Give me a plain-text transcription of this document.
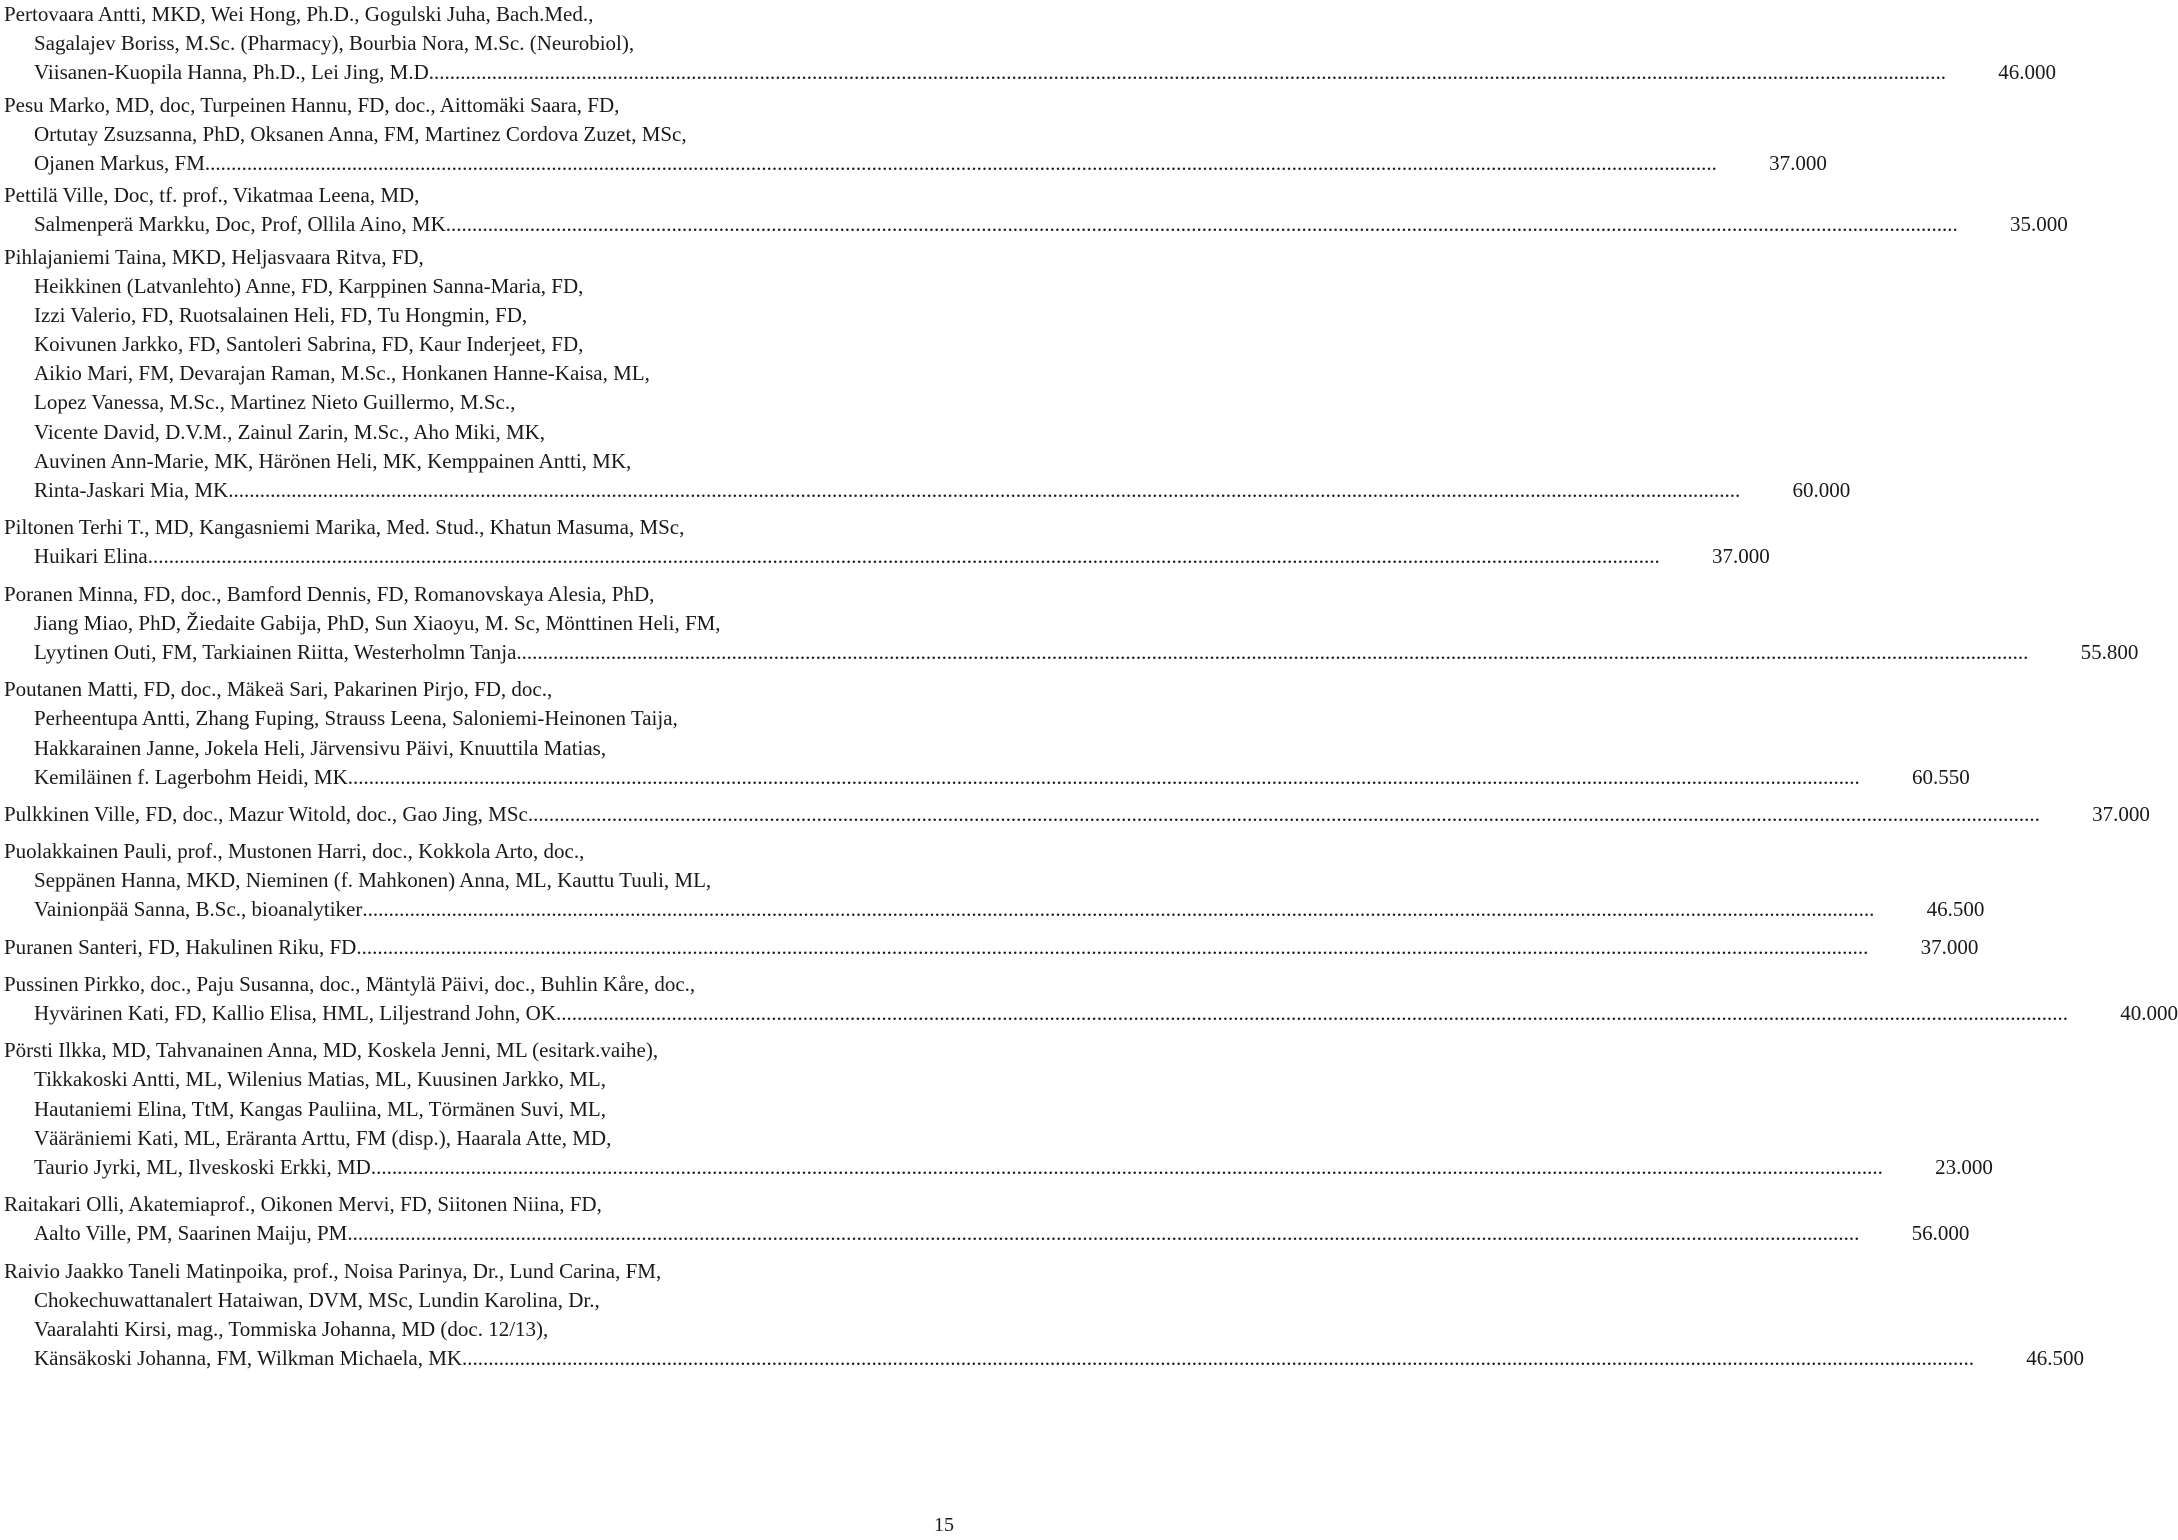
Pertovaara Antti, MKD, Wei Hong, Ph.D., Gogulski Juha, Bach.Med.,
Sagalajev Boriss, M.Sc. (Pharmacy), Bourbia Nora, M.Sc. (Neurobiol),
Viisanen-Kuopila Hanna, Ph.D., Lei Jing, M.D. ................................................................................................................................................................................................................................................................................................	46.000
Pesu Marko, MD, doc, Turpeinen Hannu, FD, doc., Aittomäki Saara, FD,
Ortutay Zsuzsanna, PhD, Oksanen Anna, FM, Martinez Cordova Zuzet, MSc,
Ojanen Markus, FM ................................................................................................................................................................................................................................................................................................	37.000
Pettilä Ville, Doc, tf. prof., Vikatmaa Leena, MD,
Salmenperä Markku, Doc, Prof, Ollila Aino, MK ................................................................................................................................................................................................................................................................................................	35.000
Pihlajaniemi Taina, MKD, Heljasvaara Ritva, FD,
Heikkinen (Latvanlehto) Anne, FD, Karppinen Sanna-Maria, FD,
Izzi Valerio, FD, Ruotsalainen Heli, FD, Tu Hongmin, FD,
Koivunen Jarkko, FD, Santoleri Sabrina, FD, Kaur Inderjeet, FD,
Aikio Mari, FM, Devarajan Raman, M.Sc., Honkanen Hanne-Kaisa, ML,
Lopez Vanessa, M.Sc., Martinez Nieto Guillermo, M.Sc.,
Vicente David, D.V.M., Zainul Zarin, M.Sc., Aho Miki, MK,
Auvinen Ann-Marie, MK, Härönen Heli, MK, Kemppainen Antti, MK,
Rinta-Jaskari Mia, MK ................................................................................................................................................................................................................................................................................................	60.000
Piltonen Terhi T., MD, Kangasniemi Marika, Med. Stud., Khatun Masuma, MSc,
Huikari Elina ................................................................................................................................................................................................................................................................................................	37.000
Poranen Minna, FD, doc., Bamford Dennis, FD, Romanovskaya Alesia, PhD,
Jiang Miao, PhD, Žiedaite Gabija, PhD, Sun Xiaoyu, M. Sc, Mönttinen Heli, FM,
Lyytinen Outi, FM, Tarkiainen Riitta, Westerholmn Tanja ................................................................................................................................................................................................................................................................................................	55.800
Poutanen Matti, FD, doc., Mäkeä Sari, Pakarinen Pirjo, FD, doc.,
Perheentupa Antti, Zhang Fuping, Strauss Leena, Saloniemi-Heinonen Taija,
Hakkarainen Janne, Jokela Heli, Järvensivu Päivi, Knuuttila Matias,
Kemiläinen f. Lagerbohm Heidi, MK ................................................................................................................................................................................................................................................................................................	60.550
Pulkkinen Ville, FD, doc., Mazur Witold, doc., Gao Jing, MSc ................................................................................................................................................................................................................................................................................................	37.000
Puolakkainen Pauli, prof., Mustonen Harri, doc., Kokkola Arto, doc.,
Seppänen Hanna, MKD, Nieminen (f. Mahkonen) Anna, ML, Kauttu Tuuli, ML,
Vainionpää Sanna, B.Sc., bioanalytiker ................................................................................................................................................................................................................................................................................................	46.500
Puranen Santeri, FD, Hakulinen Riku, FD ................................................................................................................................................................................................................................................................................................	37.000
Pussinen Pirkko, doc., Paju Susanna, doc., Mäntylä Päivi, doc., Buhlin Kåre, doc.,
Hyvärinen Kati, FD, Kallio Elisa, HML, Liljestrand John, OK ................................................................................................................................................................................................................................................................................................	40.000
Pörsti Ilkka, MD, Tahvanainen Anna, MD, Koskela Jenni, ML (esitark.vaihe),
Tikkakoski Antti, ML, Wilenius Matias, ML, Kuusinen Jarkko, ML,
Hautaniemi Elina, TtM, Kangas Pauliina, ML, Törmänen Suvi, ML,
Vääräniemi Kati, ML, Eräranta Arttu, FM (disp.), Haarala Atte, MD,
Taurio Jyrki, ML, Ilveskoski Erkki, MD ................................................................................................................................................................................................................................................................................................	23.000
Raitakari Olli, Akatemiaprof., Oikonen Mervi, FD, Siitonen Niina, FD,
Aalto Ville, PM, Saarinen Maiju, PM ................................................................................................................................................................................................................................................................................................	56.000
Raivio Jaakko Taneli Matinpoika, prof., Noisa Parinya, Dr., Lund Carina, FM,
Chokechuwattanalert Hataiwan, DVM, MSc, Lundin Karolina, Dr.,
Vaaralahti Kirsi, mag., Tommiska Johanna, MD (doc. 12/13),
Känsäkoski Johanna, FM, Wilkman Michaela, MK ................................................................................................................................................................................................................................................................................................	46.500
15
